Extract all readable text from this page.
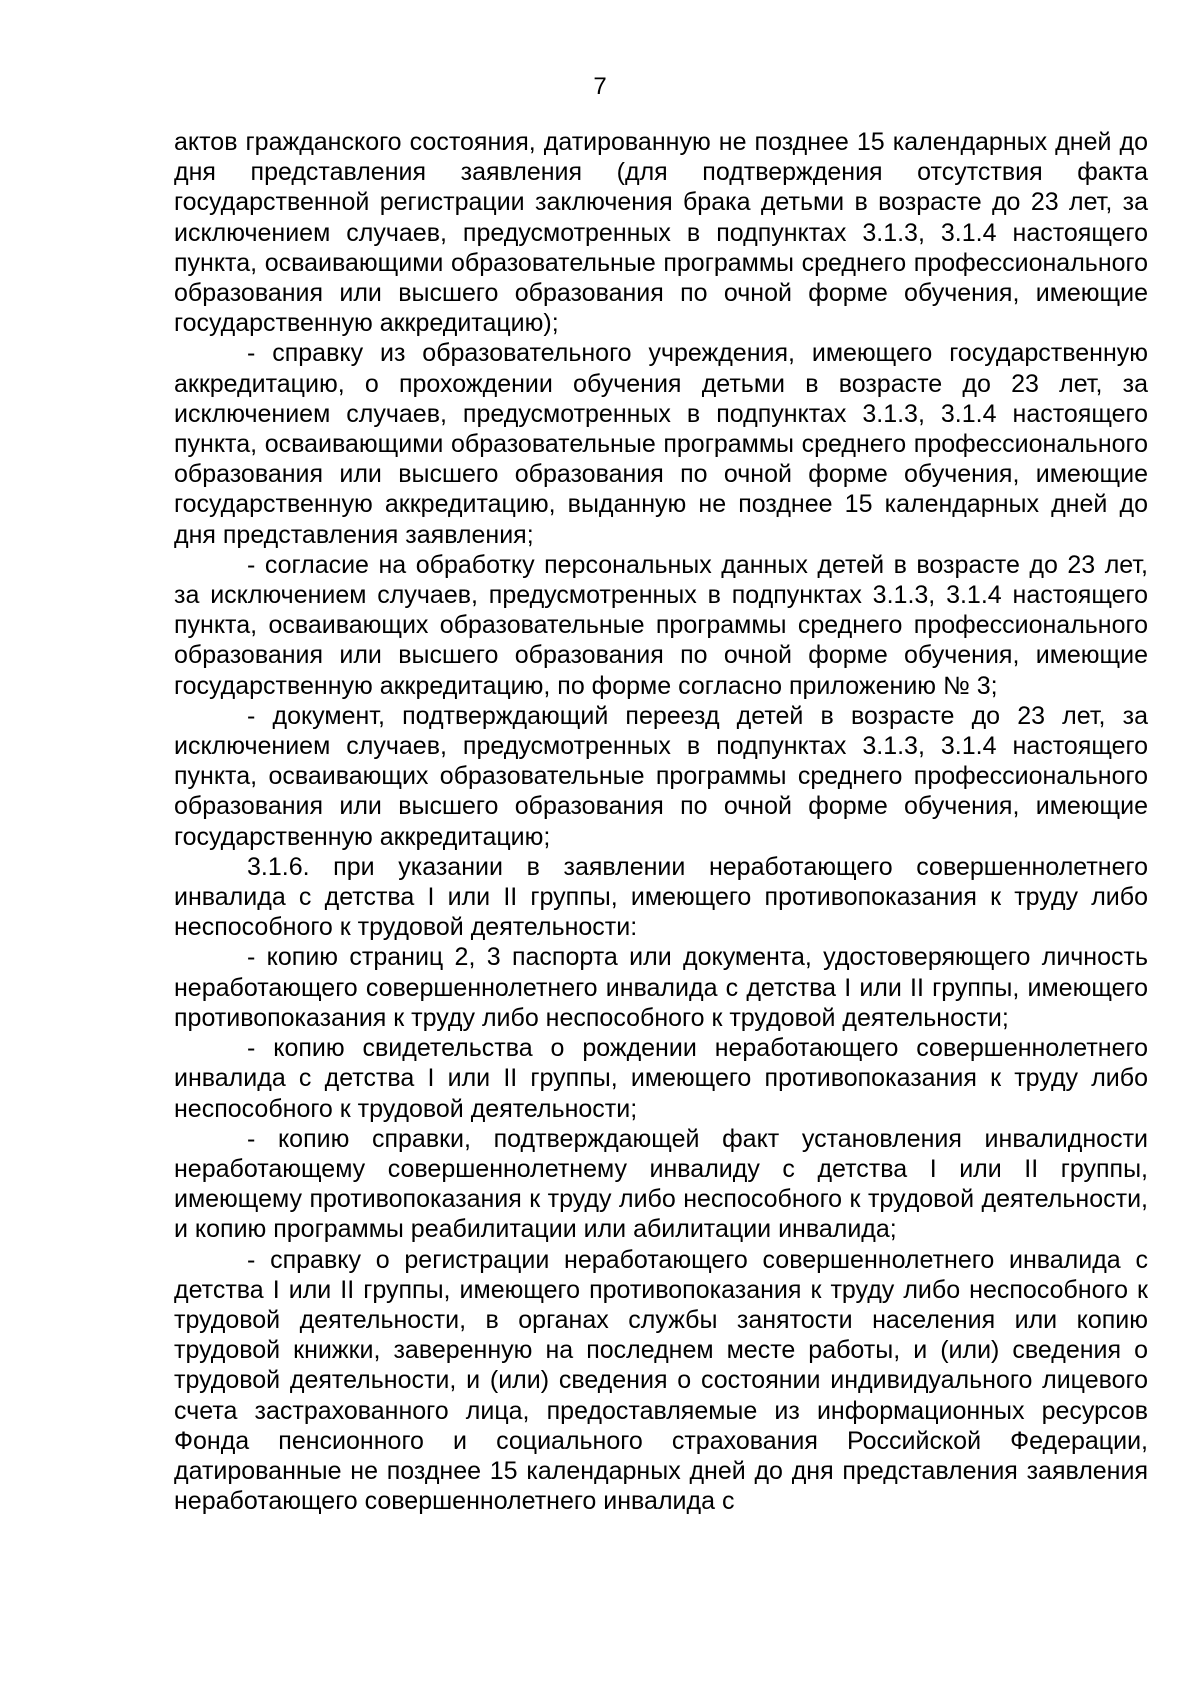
7

актов гражданского состояния, датированную не позднее 15 календарных дней до дня представления заявления (для подтверждения отсутствия факта государственной регистрации заключения брака детьми в возрасте до 23 лет, за исключением случаев, предусмотренных в подпунктах 3.1.3, 3.1.4 настоящего пункта, осваивающими образовательные программы среднего профессионального образования или высшего образования по очной форме обучения, имеющие государственную аккредитацию);

- справку из образовательного учреждения, имеющего государственную аккредитацию, о прохождении обучения детьми в возрасте до 23 лет, за исключением случаев, предусмотренных в подпунктах 3.1.3, 3.1.4 настоящего пункта, осваивающими образовательные программы среднего профессионального образования или высшего образования по очной форме обучения, имеющие государственную аккредитацию, выданную не позднее 15 календарных дней до дня представления заявления;

- согласие на обработку персональных данных детей в возрасте до 23 лет, за исключением случаев, предусмотренных в подпунктах 3.1.3, 3.1.4 настоящего пункта, осваивающих образовательные программы среднего профессионального образования или высшего образования по очной форме обучения, имеющие государственную аккредитацию, по форме согласно приложению № 3;

- документ, подтверждающий переезд детей в возрасте до 23 лет, за исключением случаев, предусмотренных в подпунктах 3.1.3, 3.1.4 настоящего пункта, осваивающих образовательные программы среднего профессионального образования или высшего образования по очной форме обучения, имеющие государственную аккредитацию;

3.1.6. при указании в заявлении неработающего совершеннолетнего инвалида с детства I или II группы, имеющего противопоказания к труду либо неспособного к трудовой деятельности:

- копию страниц 2, 3 паспорта или документа, удостоверяющего личность неработающего совершеннолетнего инвалида с детства I или II группы, имеющего противопоказания к труду либо неспособного к трудовой деятельности;

- копию свидетельства о рождении неработающего совершеннолетнего инвалида с детства I или II группы, имеющего противопоказания к труду либо неспособного к трудовой деятельности;

- копию справки, подтверждающей факт установления инвалидности неработающему совершеннолетнему инвалиду с детства I или II группы, имеющему противопоказания к труду либо неспособного к трудовой деятельности, и копию программы реабилитации или абилитации инвалида;

- справку о регистрации неработающего совершеннолетнего инвалида с детства I или II группы, имеющего противопоказания к труду либо неспособного к трудовой деятельности, в органах службы занятости населения или копию трудовой книжки, заверенную на последнем месте работы, и (или) сведения о трудовой деятельности, и (или) сведения о состоянии индивидуального лицевого счета застрахованного лица, предоставляемые из информационных ресурсов Фонда пенсионного и социального страхования Российской Федерации, датированные не позднее 15 календарных дней до дня представления заявления неработающего совершеннолетнего инвалида с
